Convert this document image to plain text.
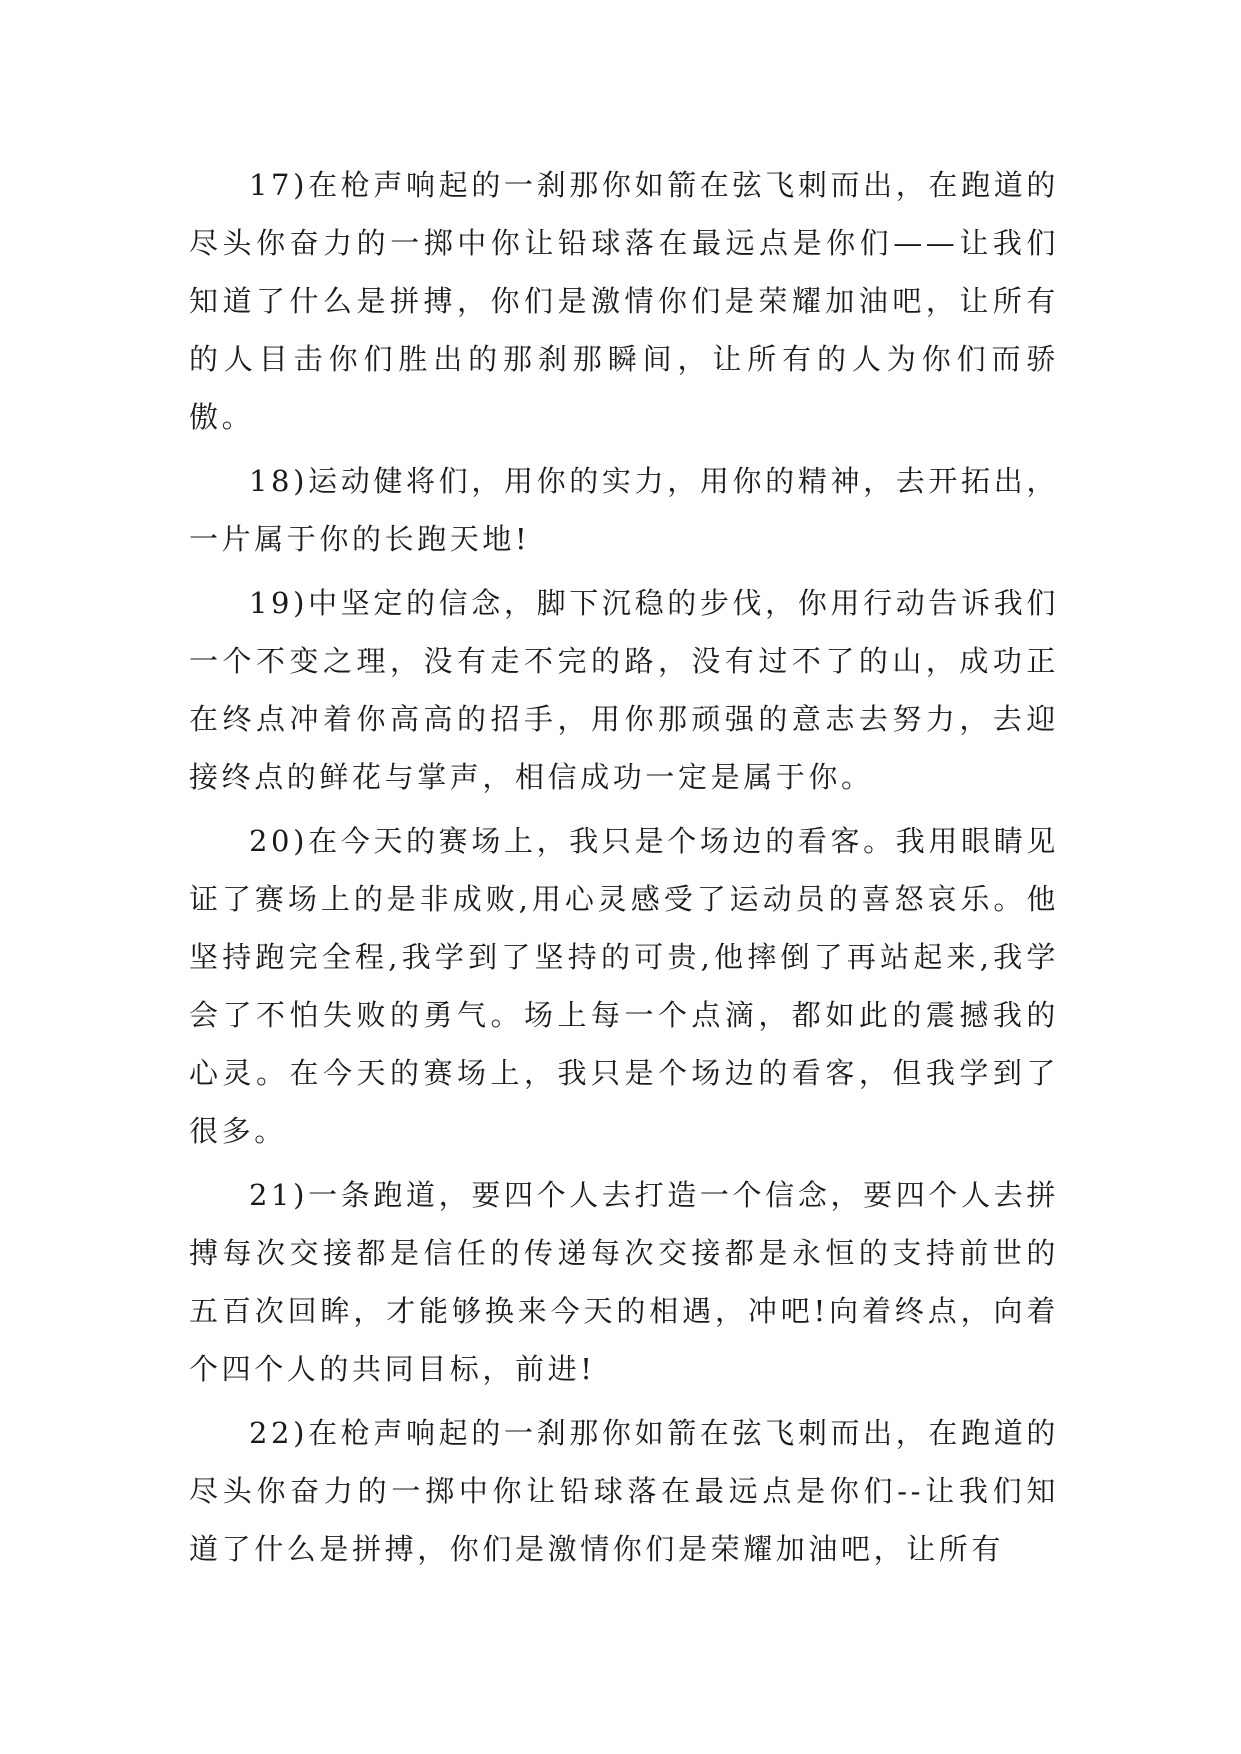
17)在枪声响起的一刹那你如箭在弦飞刺而出，在跑道的尽头你奋力的一掷中你让铅球落在最远点是你们——让我们知道了什么是拼搏，你们是激情你们是荣耀加油吧，让所有的人目击你们胜出的那刹那瞬间，让所有的人为你们而骄傲。

18)运动健将们，用你的实力，用你的精神，去开拓出，一片属于你的长跑天地!

19)中坚定的信念，脚下沉稳的步伐，你用行动告诉我们一个不变之理，没有走不完的路，没有过不了的山，成功正在终点冲着你高高的招手，用你那顽强的意志去努力，去迎接终点的鲜花与掌声，相信成功一定是属于你。

20)在今天的赛场上，我只是个场边的看客。我用眼睛见证了赛场上的是非成败,用心灵感受了运动员的喜怒哀乐。他坚持跑完全程,我学到了坚持的可贵,他摔倒了再站起来,我学会了不怕失败的勇气。场上每一个点滴，都如此的震撼我的心灵。在今天的赛场上，我只是个场边的看客，但我学到了很多。

21)一条跑道，要四个人去打造一个信念，要四个人去拼搏每次交接都是信任的传递每次交接都是永恒的支持前世的五百次回眸，才能够换来今天的相遇，冲吧!向着终点，向着个四个人的共同目标，前进!

22)在枪声响起的一刹那你如箭在弦飞刺而出，在跑道的尽头你奋力的一掷中你让铅球落在最远点是你们--让我们知道了什么是拼搏，你们是激情你们是荣耀加油吧，让所有
